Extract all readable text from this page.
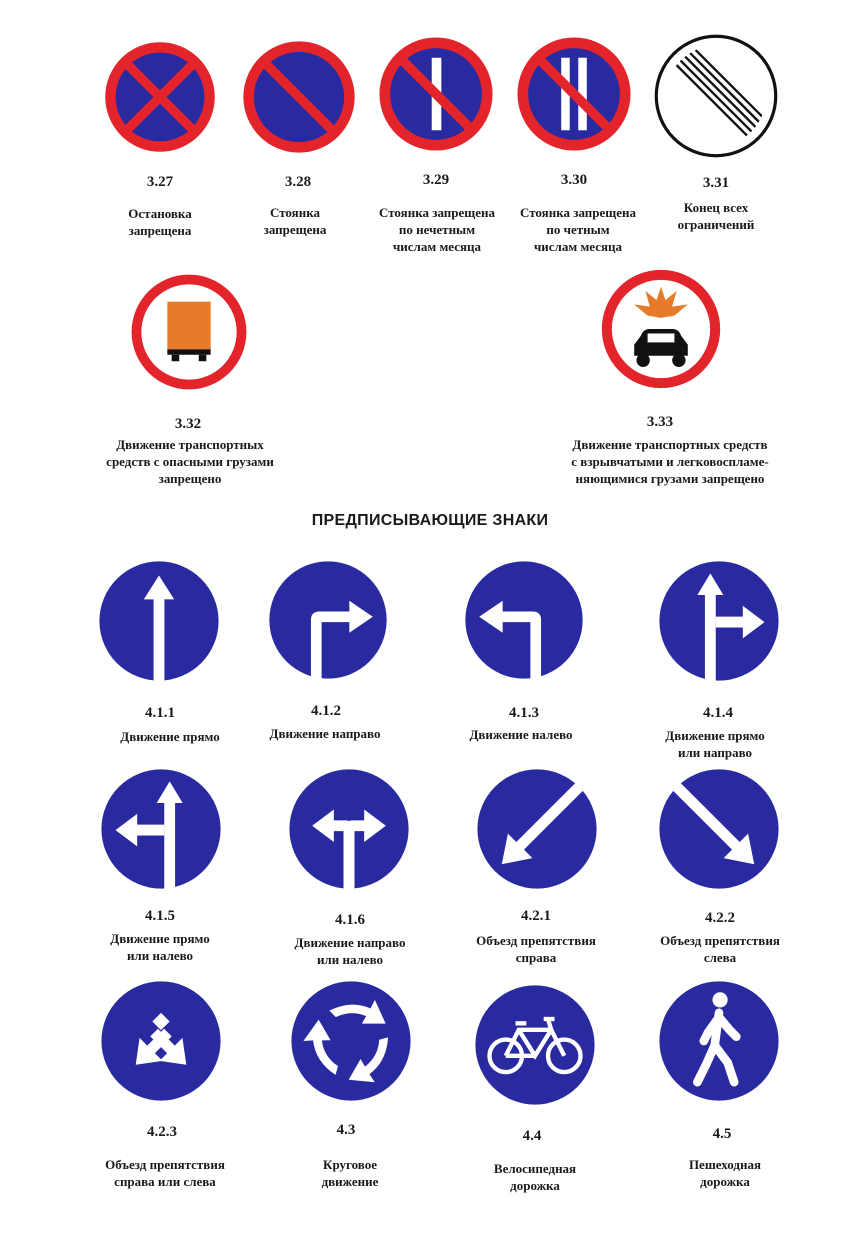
3.27
Остановка
запрещена
3.28
Стоянка
запрещена
3.29
Стоянка запрещена
по нечетным
числам месяца
3.30
Стоянка запрещена
по четным
числам месяца
3.31
Конец всех
ограничений
3.32
Движение транспортных
средств с опасными грузами
запрещено
3.33
Движение транспортных средств
с взрывчатыми и легковоспламе-
няющимися грузами запрещено
ПРЕДПИСЫВАЮЩИЕ ЗНАКИ
4.1.1
Движение прямо
4.1.2
Движение направо
4.1.3
Движение налево
4.1.4
Движение прямо
или направо
4.1.5
Движение прямо
или налево
4.1.6
Движение направо
или налево
4.2.1
Объезд препятствия
справа
4.2.2
Объезд препятствия
слева
4.2.3
Объезд препятствия
справа или слева
4.3
Круговое
движение
4.4
Велосипедная
дорожка
4.5
Пешеходная
дорожка
